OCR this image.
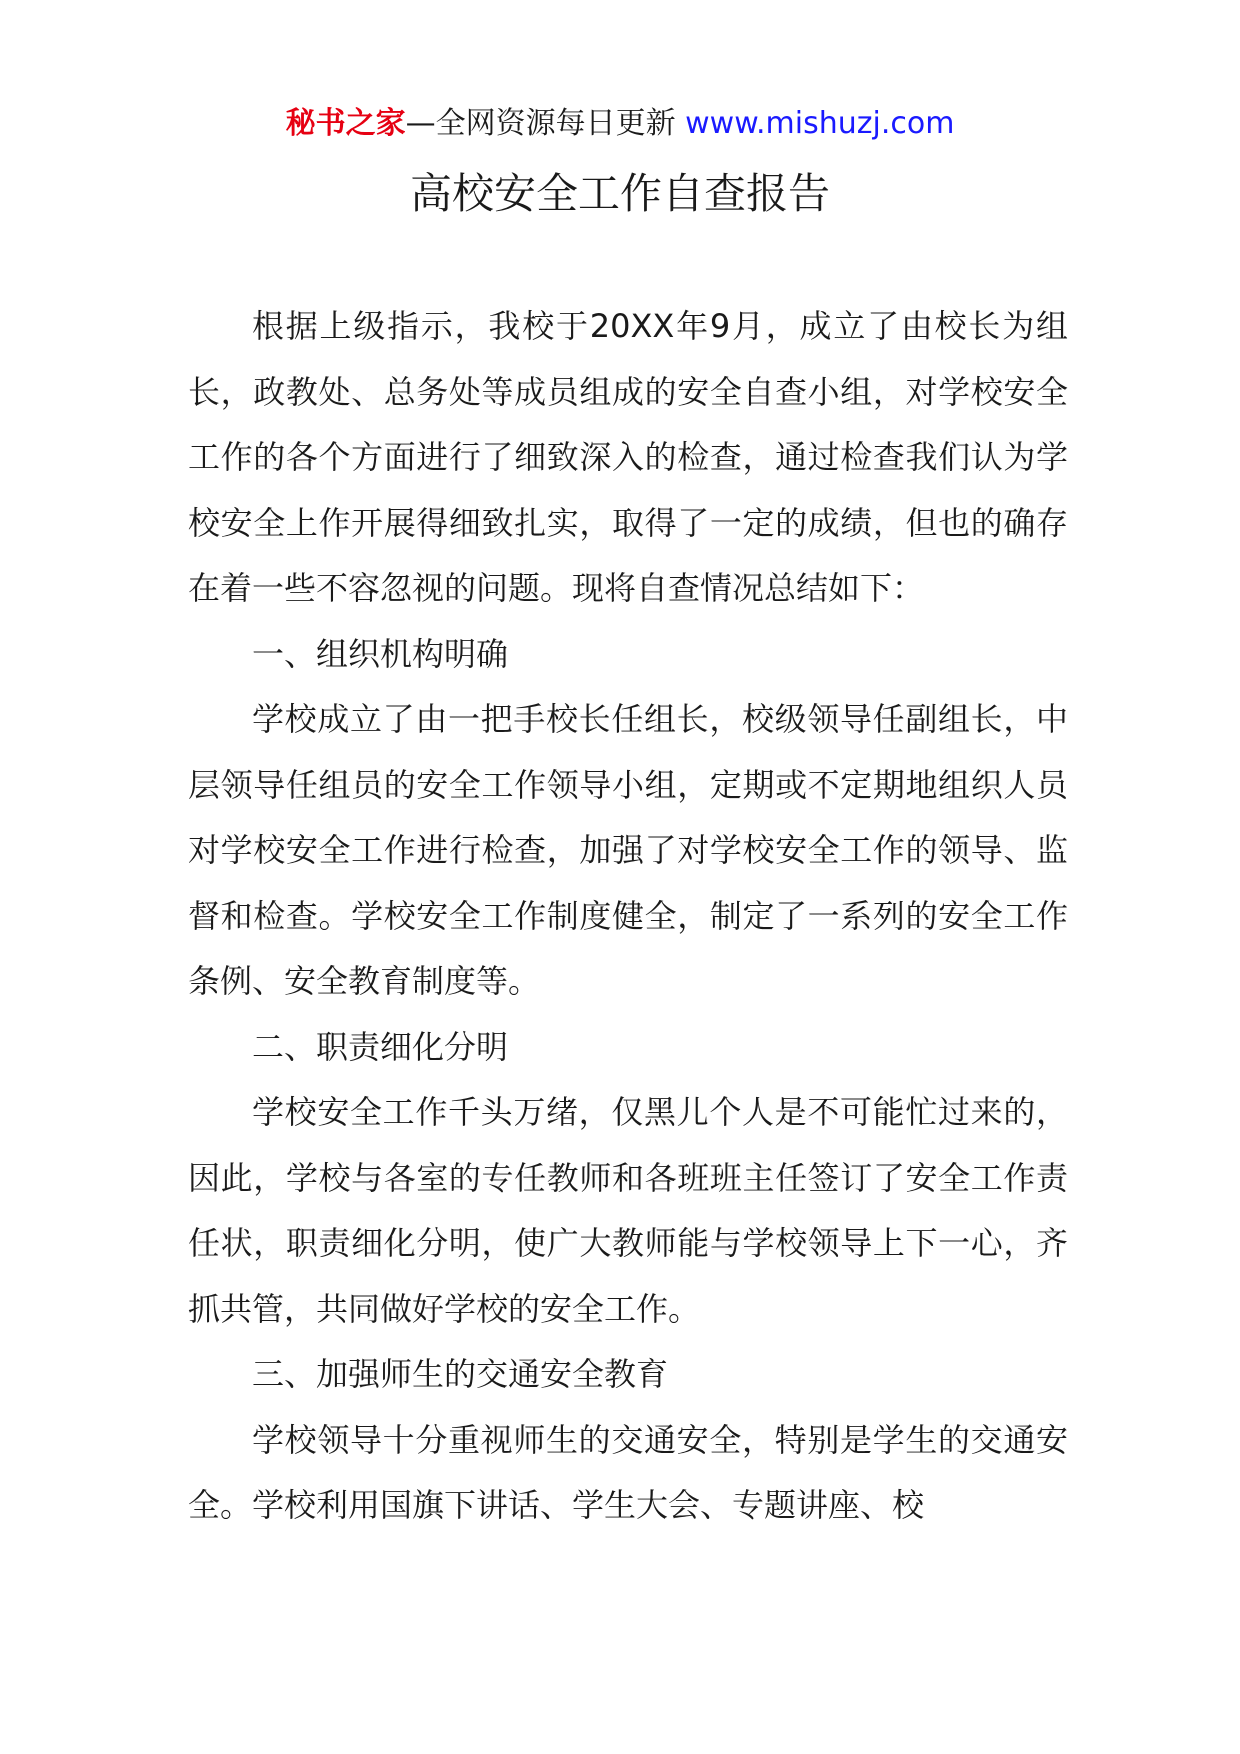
秘书之家—全网资源每日更新 www.mishuzj.com
高校安全工作自查报告

根据上级指示，我校于20XX年9月，成立了由校长为组长，政教处、总务处等成员组成的安全自查小组，对学校安全工作的各个方面进行了细致深入的检查，通过检查我们认为学校安全上作开展得细致扎实，取得了一定的成绩，但也的确存在着一些不容忽视的问题。现将自查情况总结如下：

一、组织机构明确

学校成立了由一把手校长任组长，校级领导任副组长，中层领导任组员的安全工作领导小组，定期或不定期地组织人员对学校安全工作进行检查，加强了对学校安全工作的领导、监督和检查。学校安全工作制度健全，制定了一系列的安全工作条例、安全教育制度等。

二、职责细化分明

学校安全工作千头万绪，仅黑儿个人是不可能忙过来的，因此，学校与各室的专任教师和各班班主任签订了安全工作责任状，职责细化分明，使广大教师能与学校领导上下一心，齐抓共管，共同做好学校的安全工作。

三、加强师生的交通安全教育

学校领导十分重视师生的交通安全，特别是学生的交通安全。学校利用国旗下讲话、学生大会、专题讲座、校
